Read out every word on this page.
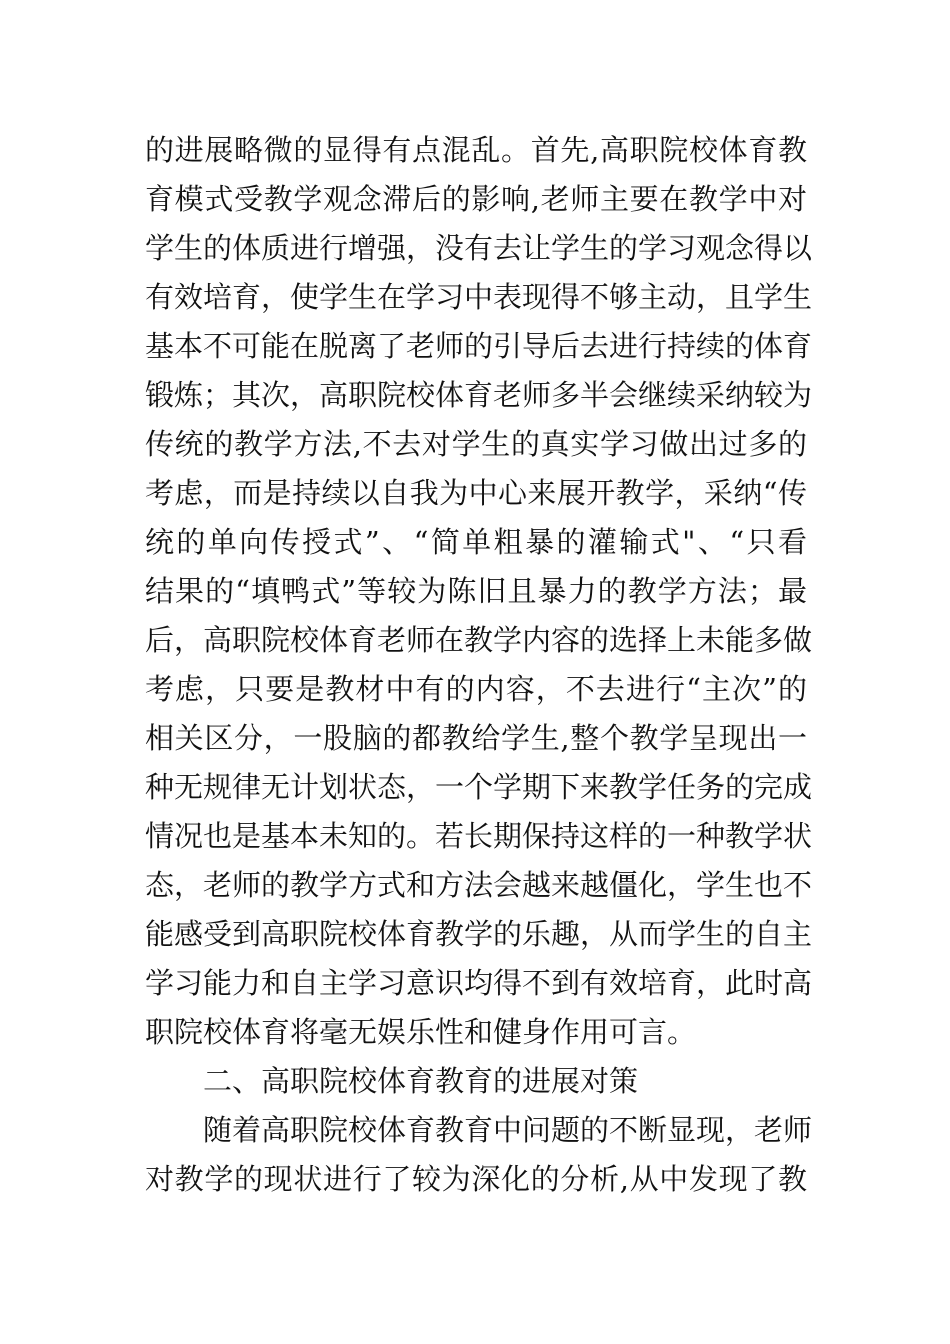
的进展略微的显得有点混乱。首先,高职院校体育教
育模式受教学观念滞后的影响,老师主要在教学中对
学生的体质进行增强，没有去让学生的学习观念得以
有效培育，使学生在学习中表现得不够主动，且学生
基本不可能在脱离了老师的引导后去进行持续的体育
锻炼；其次，高职院校体育老师多半会继续采纳较为
传统的教学方法,不去对学生的真实学习做出过多的
考虑，而是持续以自我为中心来展开教学，采纳“传
统的单向传授式”、“简单粗暴的灌输式"、“只看
结果的“填鸭式”等较为陈旧且暴力的教学方法；最
后，高职院校体育老师在教学内容的选择上未能多做
考虑，只要是教材中有的内容，不去进行“主次”的
相关区分，一股脑的都教给学生,整个教学呈现出一
种无规律无计划状态，一个学期下来教学任务的完成
情况也是基本未知的。若长期保持这样的一种教学状
态，老师的教学方式和方法会越来越僵化，学生也不
能感受到高职院校体育教学的乐趣，从而学生的自主
学习能力和自主学习意识均得不到有效培育，此时高
职院校体育将毫无娱乐性和健身作用可言。
二、高职院校体育教育的进展对策
随着高职院校体育教育中问题的不断显现，老师
对教学的现状进行了较为深化的分析,从中发现了教
